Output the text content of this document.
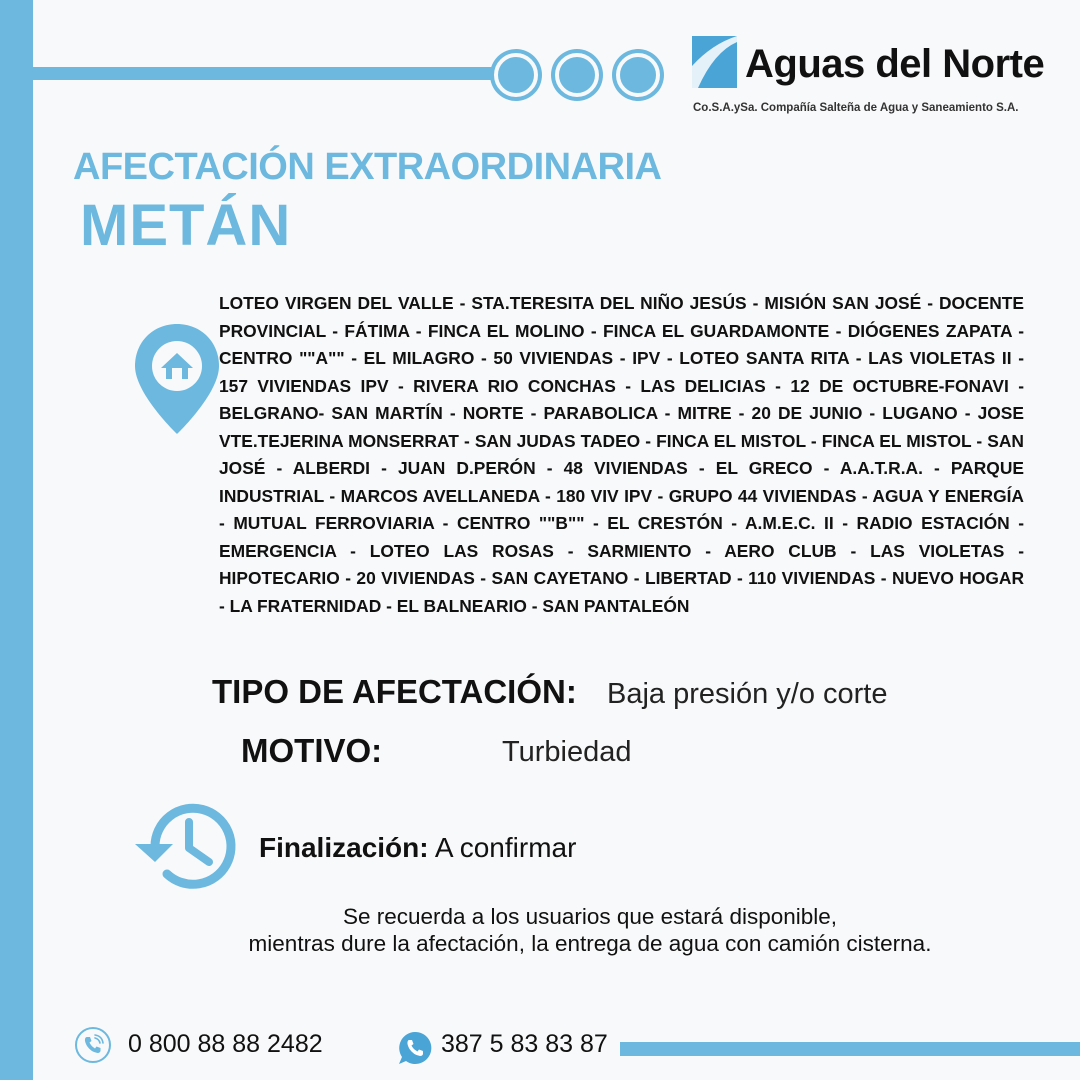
Aguas del Norte
Co.S.A.ySa. Compañía Salteña de Agua y Saneamiento S.A.
AFECTACIÓN EXTRAORDINARIA
METÁN

LOTEO VIRGEN DEL VALLE - STA.TERESITA DEL NIÑO JESÚS - MISIÓN SAN JOSÉ - DOCENTE PROVINCIAL - FÁTIMA - FINCA EL MOLINO - FINCA EL GUARDAMONTE - DIÓGENES ZAPATA - CENTRO ""A"" - EL MILAGRO - 50 VIVIENDAS - IPV - LOTEO SANTA RITA - LAS VIOLETAS II - 157 VIVIENDAS IPV - RIVERA RIO CONCHAS - LAS DELICIAS - 12 DE OCTUBRE-FONAVI - BELGRANO- SAN MARTÍN - NORTE - PARABOLICA - MITRE - 20 DE JUNIO - LUGANO - JOSE VTE.TEJERINA MONSERRAT - SAN JUDAS TADEO - FINCA EL MISTOL - FINCA EL MISTOL - SAN JOSÉ - ALBERDI - JUAN D.PERÓN - 48 VIVIENDAS - EL GRECO - A.A.T.R.A. - PARQUE INDUSTRIAL - MARCOS AVELLANEDA - 180 VIV IPV - GRUPO 44 VIVIENDAS - AGUA Y ENERGÍA - MUTUAL FERROVIARIA - CENTRO ""B"" - EL CRESTÓN - A.M.E.C. II - RADIO ESTACIÓN - EMERGENCIA - LOTEO LAS ROSAS - SARMIENTO - AERO CLUB - LAS VIOLETAS - HIPOTECARIO - 20 VIVIENDAS - SAN CAYETANO - LIBERTAD - 110 VIVIENDAS - NUEVO HOGAR - LA FRATERNIDAD - EL BALNEARIO - SAN PANTALEÓN

TIPO DE AFECTACIÓN: Baja presión y/o corte
MOTIVO:	Turbiedad
Finalización: A confirmar
Se recuerda a los usuarios que estará disponible,
mientras dure la afectación, la entrega de agua con camión cisterna.
0 800 88 88 2482	387 5 83 83 87
